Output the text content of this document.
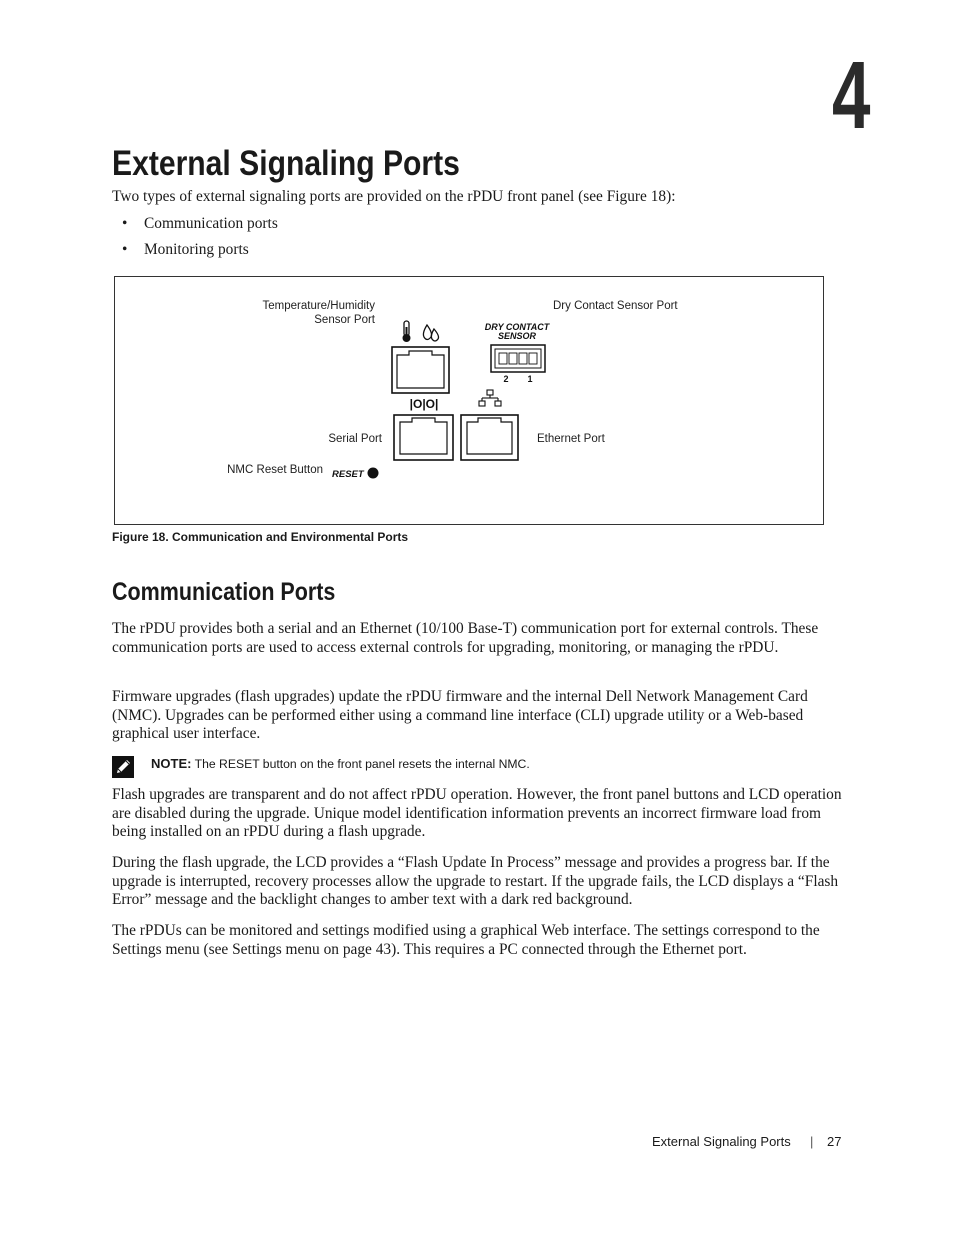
4
External Signaling Ports
Two types of external signaling ports are provided on the rPDU front panel (see Figure 18):
• Communication ports
• Monitoring ports
Temperature/Humidity
Sensor Port
Dry Contact Sensor Port
Serial Port	Ethernet Port
NMC Reset Button
DRY CONTACT
SENSOR
2 1
|O|O|
RESET
Figure 18. Communication and Environmental Ports
Communication Ports
The rPDU provides both a serial and an Ethernet (10/100 Base-T) communication port for external controls. These communication ports are used to access external controls for upgrading, monitoring, or managing the rPDU.
Firmware upgrades (flash upgrades) update the rPDU firmware and the internal Dell Network Management Card (NMC). Upgrades can be performed either using a command line interface (CLI) upgrade utility or a Web-based graphical user interface.
NOTE: The RESET button on the front panel resets the internal NMC.
Flash upgrades are transparent and do not affect rPDU operation. However, the front panel buttons and LCD operation are disabled during the upgrade. Unique model identification information prevents an incorrect firmware load from being installed on an rPDU during a flash upgrade.
During the flash upgrade, the LCD provides a “Flash Update In Process” message and provides a progress bar. If the upgrade is interrupted, recovery processes allow the upgrade to restart. If the upgrade fails, the LCD displays a “Flash Error” message and the backlight changes to amber text with a dark red background.
The rPDUs can be monitored and settings modified using a graphical Web interface. The settings correspond to the Settings menu (see Settings menu on page 43). This requires a PC connected through the Ethernet port.
External Signaling Ports | 27
